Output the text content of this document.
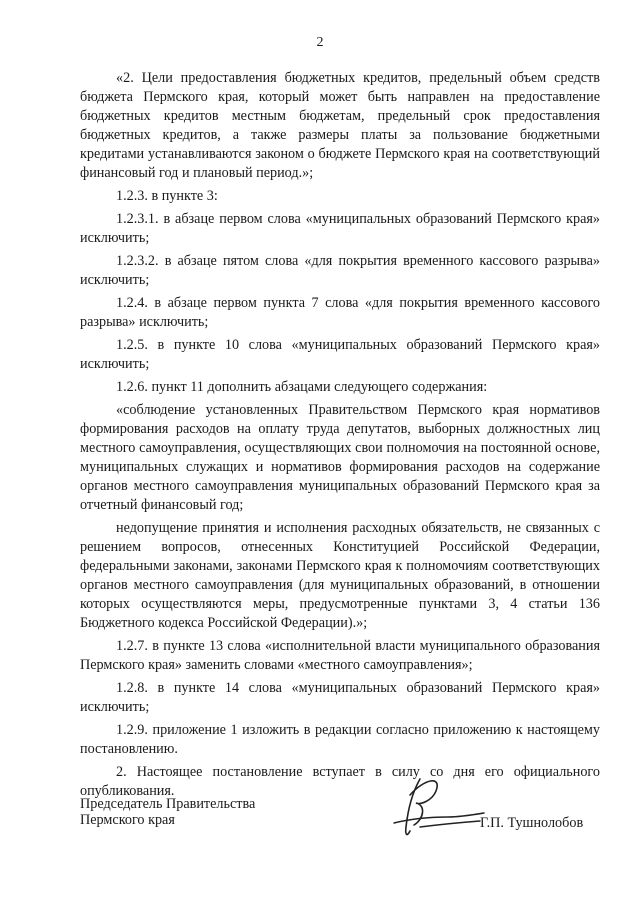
2

«2. Цели предоставления бюджетных кредитов, предельный объем средств бюджета Пермского края, который может быть направлен на предоставление бюджетных кредитов местным бюджетам, предельный срок предоставления бюджетных кредитов, а также размеры платы за пользование бюджетными кредитами устанавливаются законом о бюджете Пермского края на соответствующий финансовый год и плановый период.»;

1.2.3. в пункте 3:

1.2.3.1. в абзаце первом слова «муниципальных образований Пермского края» исключить;

1.2.3.2. в абзаце пятом слова «для покрытия временного кассового разрыва» исключить;

1.2.4. в абзаце первом пункта 7 слова «для покрытия временного кассового разрыва» исключить;

1.2.5. в пункте 10 слова «муниципальных образований Пермского края» исключить;

1.2.6. пункт 11 дополнить абзацами следующего содержания:

«соблюдение установленных Правительством Пермского края нормативов формирования расходов на оплату труда депутатов, выборных должностных лиц местного самоуправления, осуществляющих свои полномочия на постоянной основе, муниципальных служащих и нормативов формирования расходов на содержание органов местного самоуправления муниципальных образований Пермского края за отчетный финансовый год;

недопущение принятия и исполнения расходных обязательств, не связанных с решением вопросов, отнесенных Конституцией Российской Федерации, федеральными законами, законами Пермского края к полномочиям соответствующих органов местного самоуправления (для муниципальных образований, в отношении которых осуществляются меры, предусмотренные пунктами 3, 4 статьи 136 Бюджетного кодекса Российской Федерации).»;

1.2.7. в пункте 13 слова «исполнительной власти муниципального образования Пермского края» заменить словами «местного самоуправления»;

1.2.8. в пункте 14 слова «муниципальных образований Пермского края» исключить;

1.2.9. приложение 1 изложить в редакции согласно приложению к настоящему постановлению.

2. Настоящее постановление вступает в силу со дня его официального опубликования.

Председатель Правительства
Пермского края	Г.П. Тушнолобов
